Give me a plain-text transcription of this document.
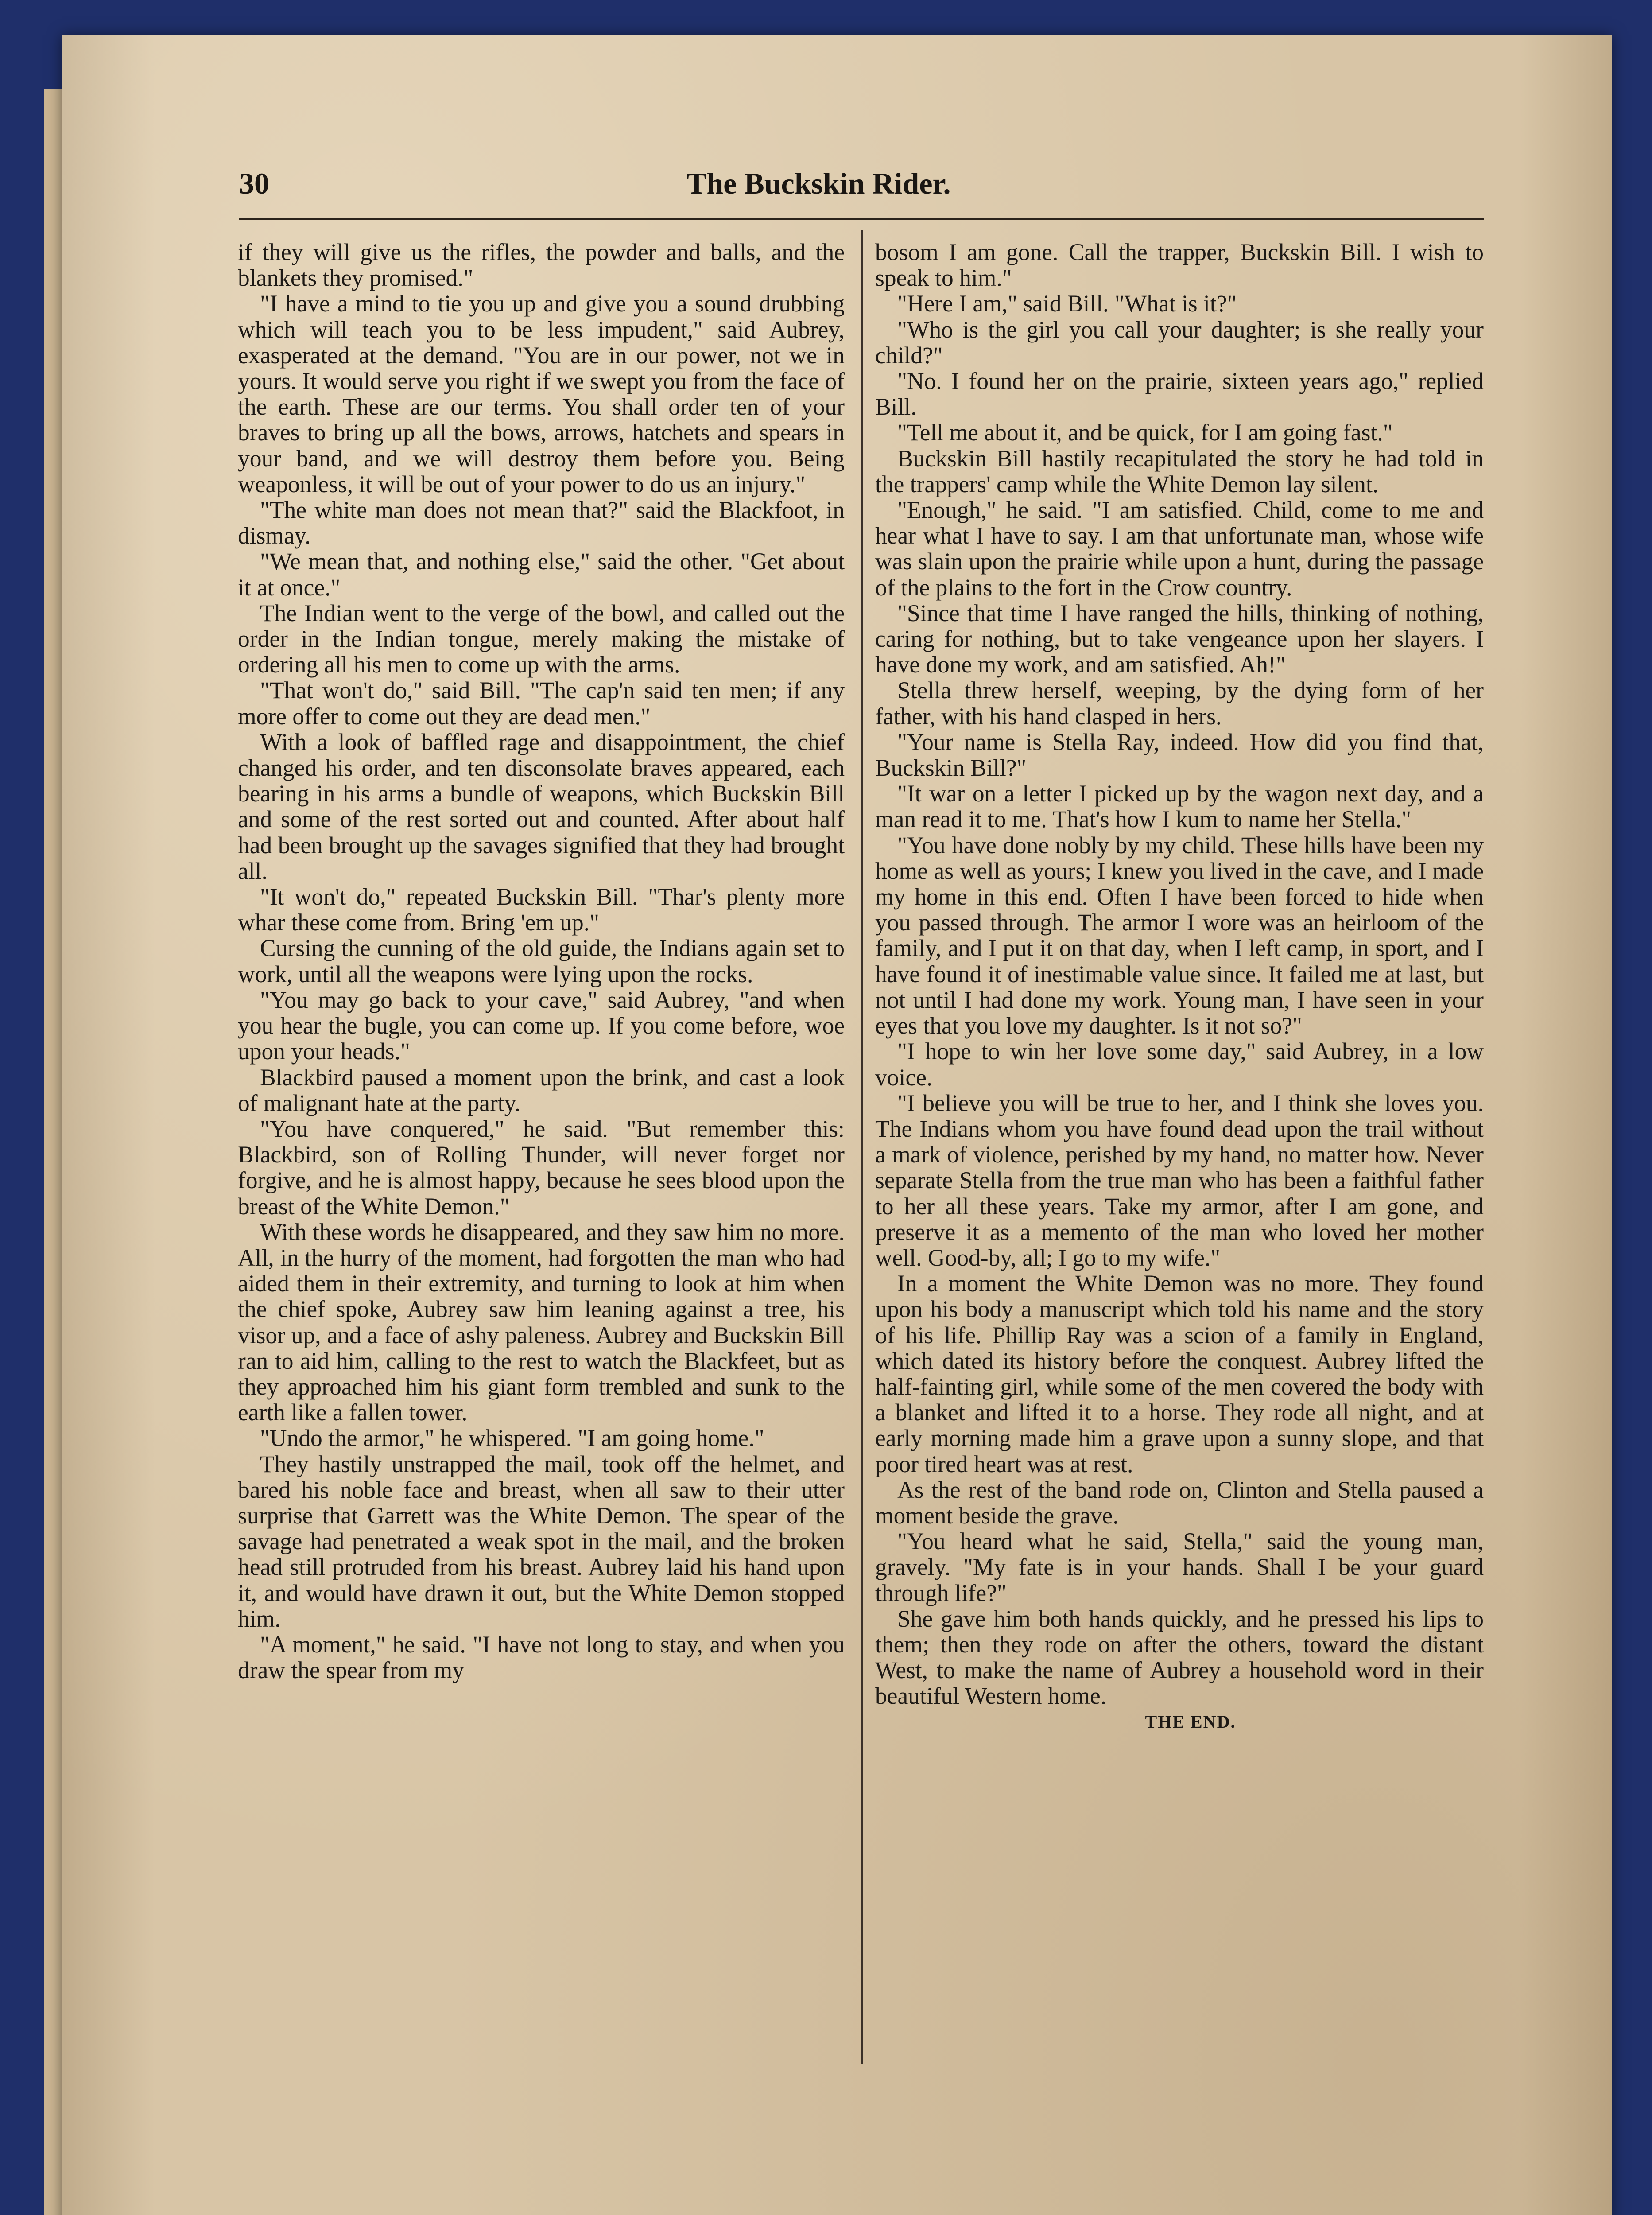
30	The Buckskin Rider.

if they will give us the rifles, the powder and balls, and the blankets they promised."

"I have a mind to tie you up and give you a sound drubbing which will teach you to be less impudent," said Aubrey, exasperated at the demand. "You are in our power, not we in yours. It would serve you right if we swept you from the face of the earth. These are our terms. You shall order ten of your braves to bring up all the bows, arrows, hatchets and spears in your band, and we will destroy them before you. Being weaponless, it will be out of your power to do us an injury."

"The white man does not mean that?" said the Blackfoot, in dismay.

"We mean that, and nothing else," said the other. "Get about it at once."

The Indian went to the verge of the bowl, and called out the order in the Indian tongue, merely making the mistake of ordering all his men to come up with the arms.

"That won't do," said Bill. "The cap'n said ten men; if any more offer to come out they are dead men."

With a look of baffled rage and disappointment, the chief changed his order, and ten disconsolate braves appeared, each bearing in his arms a bundle of weapons, which Buckskin Bill and some of the rest sorted out and counted. After about half had been brought up the savages signified that they had brought all.

"It won't do," repeated Buckskin Bill. "Thar's plenty more whar these come from. Bring 'em up."

Cursing the cunning of the old guide, the Indians again set to work, until all the weapons were lying upon the rocks.

"You may go back to your cave," said Aubrey, "and when you hear the bugle, you can come up. If you come before, woe upon your heads."

Blackbird paused a moment upon the brink, and cast a look of malignant hate at the party.

"You have conquered," he said. "But remember this: Blackbird, son of Rolling Thunder, will never forget nor forgive, and he is almost happy, because he sees blood upon the breast of the White Demon."

With these words he disappeared, and they saw him no more. All, in the hurry of the moment, had forgotten the man who had aided them in their extremity, and turning to look at him when the chief spoke, Aubrey saw him leaning against a tree, his visor up, and a face of ashy paleness. Aubrey and Buckskin Bill ran to aid him, calling to the rest to watch the Blackfeet, but as they approached him his giant form trembled and sunk to the earth like a fallen tower.

"Undo the armor," he whispered. "I am going home."

They hastily unstrapped the mail, took off the helmet, and bared his noble face and breast, when all saw to their utter surprise that Garrett was the White Demon. The spear of the savage had penetrated a weak spot in the mail, and the broken head still protruded from his breast. Aubrey laid his hand upon it, and would have drawn it out, but the White Demon stopped him.

"A moment," he said. "I have not long to stay, and when you draw the spear from my

bosom I am gone. Call the trapper, Buckskin Bill. I wish to speak to him."

"Here I am," said Bill. "What is it?"

"Who is the girl you call your daughter; is she really your child?"

"No. I found her on the prairie, sixteen years ago," replied Bill.

"Tell me about it, and be quick, for I am going fast."

Buckskin Bill hastily recapitulated the story he had told in the trappers' camp while the White Demon lay silent.

"Enough," he said. "I am satisfied. Child, come to me and hear what I have to say. I am that unfortunate man, whose wife was slain upon the prairie while upon a hunt, during the passage of the plains to the fort in the Crow country.

"Since that time I have ranged the hills, thinking of nothing, caring for nothing, but to take vengeance upon her slayers. I have done my work, and am satisfied. Ah!"

Stella threw herself, weeping, by the dying form of her father, with his hand clasped in hers.

"Your name is Stella Ray, indeed. How did you find that, Buckskin Bill?"

"It war on a letter I picked up by the wagon next day, and a man read it to me. That's how I kum to name her Stella."

"You have done nobly by my child. These hills have been my home as well as yours; I knew you lived in the cave, and I made my home in this end. Often I have been forced to hide when you passed through. The armor I wore was an heirloom of the family, and I put it on that day, when I left camp, in sport, and I have found it of inestimable value since. It failed me at last, but not until I had done my work. Young man, I have seen in your eyes that you love my daughter. Is it not so?"

"I hope to win her love some day," said Aubrey, in a low voice.

"I believe you will be true to her, and I think she loves you. The Indians whom you have found dead upon the trail without a mark of violence, perished by my hand, no matter how. Never separate Stella from the true man who has been a faithful father to her all these years. Take my armor, after I am gone, and preserve it as a memento of the man who loved her mother well. Good-by, all; I go to my wife."

In a moment the White Demon was no more. They found upon his body a manuscript which told his name and the story of his life. Phillip Ray was a scion of a family in England, which dated its history before the conquest. Aubrey lifted the half-fainting girl, while some of the men covered the body with a blanket and lifted it to a horse. They rode all night, and at early morning made him a grave upon a sunny slope, and that poor tired heart was at rest.

As the rest of the band rode on, Clinton and Stella paused a moment beside the grave.

"You heard what he said, Stella," said the young man, gravely. "My fate is in your hands. Shall I be your guard through life?"

She gave him both hands quickly, and he pressed his lips to them; then they rode on after the others, toward the distant West, to make the name of Aubrey a household word in their beautiful Western home.

THE END.
